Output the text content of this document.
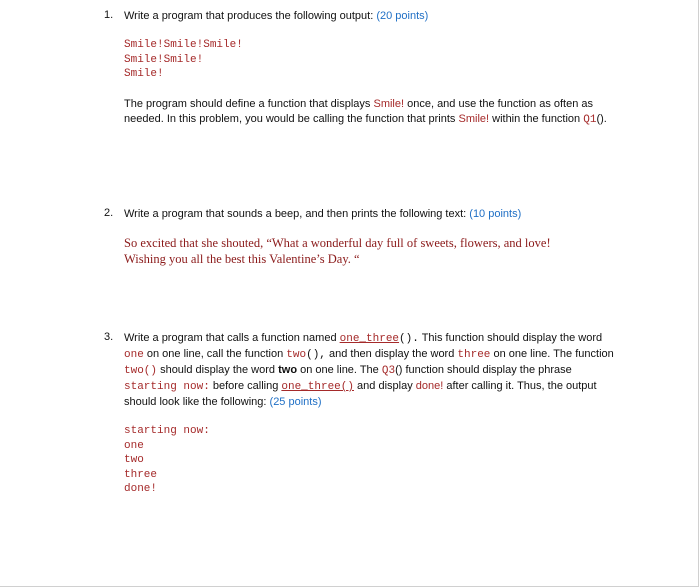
1. Write a program that produces the following output: (20 points)
Smile!Smile!Smile!
Smile!Smile!
Smile!
The program should define a function that displays Smile! once, and use the function as often as needed. In this problem, you would be calling the function that prints Smile! within the function Q1().
2. Write a program that sounds a beep, and then prints the following text: (10 points)
So excited that she shouted, “What a wonderful day full of sweets, flowers, and love!
Wishing you all the best this Valentine’s Day. “
3. Write a program that calls a function named one_three(). This function should display the word one on one line, call the function two(), and then display the word three on one line. The function two() should display the word two on one line. The Q3() function should display the phrase starting now: before calling one_three() and display done! after calling it. Thus, the output should look like the following: (25 points)
starting now:
one
two
three
done!
